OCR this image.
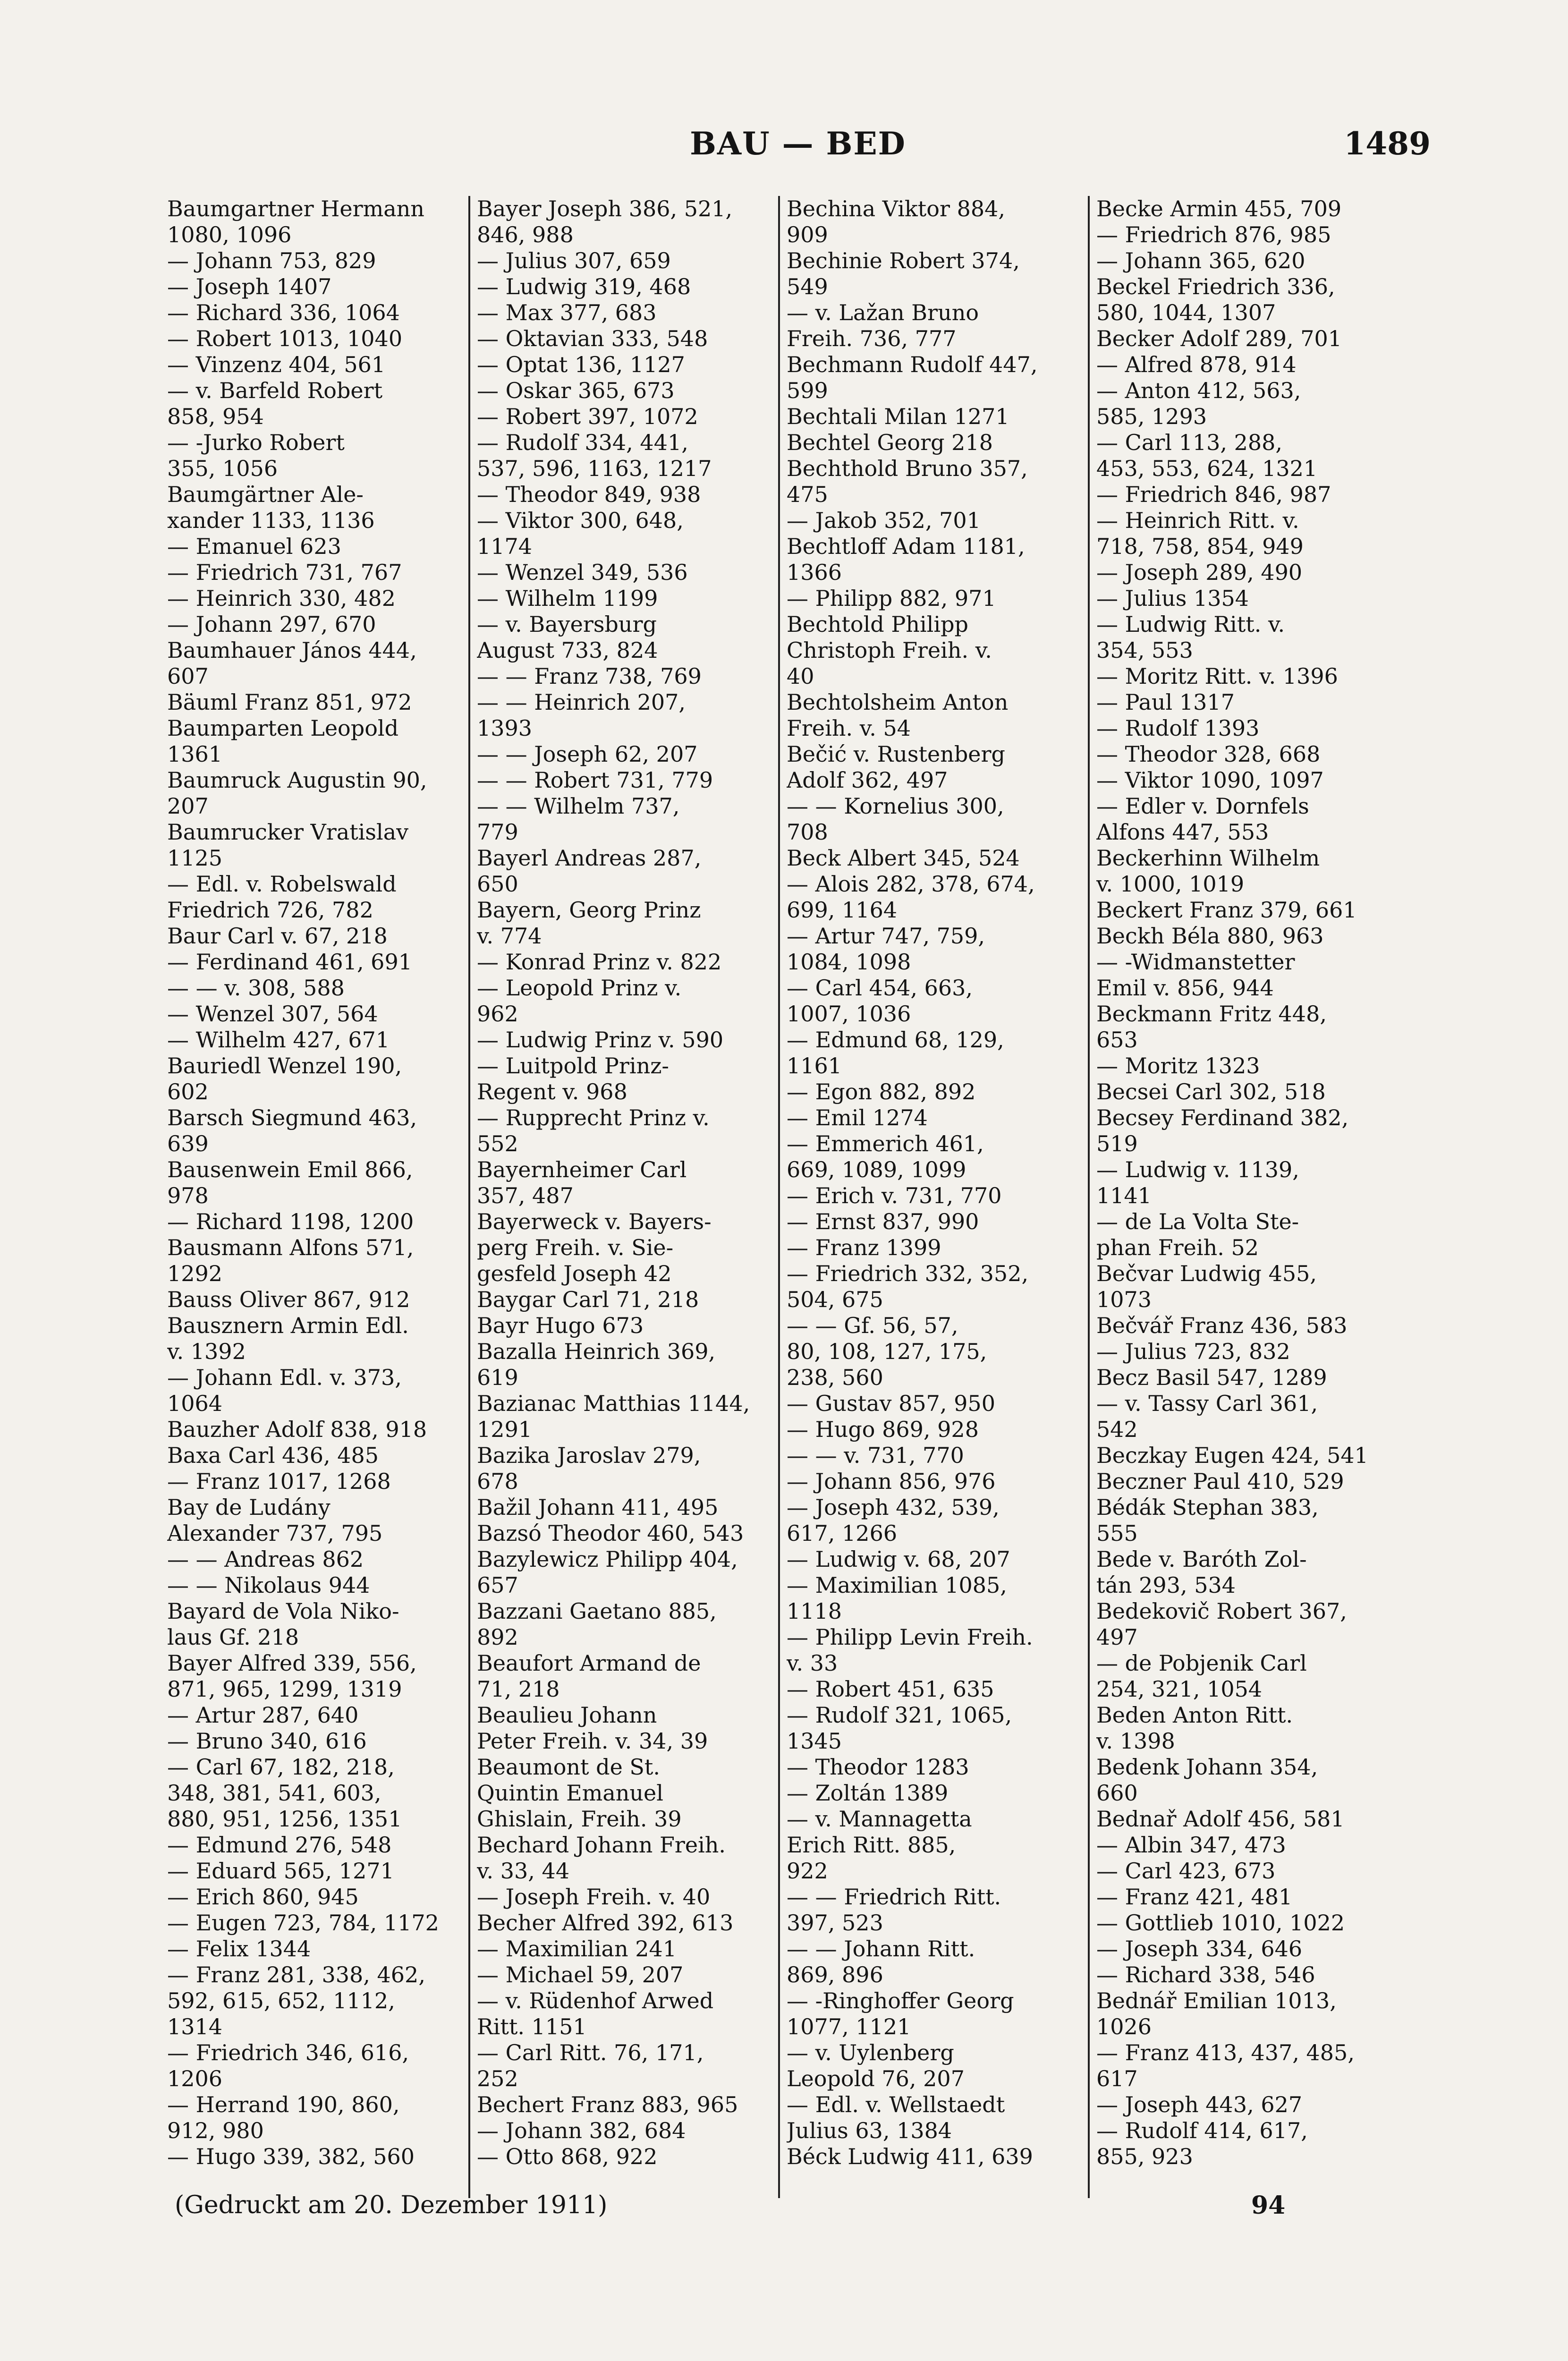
BAU — BED	1489

Baumgartner Hermann

1080, 1096

— Johann 753, 829

— Joseph 1407

— Richard 336, 1064

— Robert 1013, 1040

— Vinzenz 404, 561

— v. Barfeld Robert

858, 954

— -Jurko Robert

355, 1056

Baumgärtner Ale-

xander 1133, 1136

— Emanuel 623

— Friedrich 731, 767

— Heinrich 330, 482

— Johann 297, 670

Baumhauer János 444,

607

Bäuml Franz 851, 972

Baumparten Leopold

1361

Baumruck Augustin 90,

207

Baumrucker Vratislav

1125

— Edl. v. Robelswald

Friedrich 726, 782

Baur Carl v. 67, 218

— Ferdinand 461, 691

— — v. 308, 588

— Wenzel 307, 564

— Wilhelm 427, 671

Bauriedl Wenzel 190,

602

Barsch Siegmund 463,

639

Bausenwein Emil 866,

978

— Richard 1198, 1200

Bausmann Alfons 571,

1292

Bauss Oliver 867, 912

Bausznern Armin Edl.

v. 1392

— Johann Edl. v. 373,

1064

Bauzher Adolf 838, 918

Baxa Carl 436, 485

— Franz 1017, 1268

Bay de Ludány

Alexander 737, 795

— — Andreas 862

— — Nikolaus 944

Bayard de Vola Niko-

laus Gf. 218

Bayer Alfred 339, 556,

871, 965, 1299, 1319

— Artur 287, 640

— Bruno 340, 616

— Carl 67, 182, 218,

348, 381, 541, 603,

880, 951, 1256, 1351

— Edmund 276, 548

— Eduard 565, 1271

— Erich 860, 945

— Eugen 723, 784, 1172

— Felix 1344

— Franz 281, 338, 462,

592, 615, 652, 1112,

1314

— Friedrich 346, 616,

1206

— Herrand 190, 860,

912, 980

— Hugo 339, 382, 560

Bayer Joseph 386, 521,

846, 988

— Julius 307, 659

— Ludwig 319, 468

— Max 377, 683

— Oktavian 333, 548

— Optat 136, 1127

— Oskar 365, 673

— Robert 397, 1072

— Rudolf 334, 441,

537, 596, 1163, 1217

— Theodor 849, 938

— Viktor 300, 648,

1174

— Wenzel 349, 536

— Wilhelm 1199

— v. Bayersburg

August 733, 824

— — Franz 738, 769

— — Heinrich 207,

1393

— — Joseph 62, 207

— — Robert 731, 779

— — Wilhelm 737,

779

Bayerl Andreas 287,

650

Bayern, Georg Prinz

v. 774

— Konrad Prinz v. 822

— Leopold Prinz v.

962

— Ludwig Prinz v. 590

— Luitpold Prinz-

Regent v. 968

— Rupprecht Prinz v.

552

Bayernheimer Carl

357, 487

Bayerweck v. Bayers-

perg Freih. v. Sie-

gesfeld Joseph 42

Baygar Carl 71, 218

Bayr Hugo 673

Bazalla Heinrich 369,

619

Bazianac Matthias 1144,

1291

Bazika Jaroslav 279,

678

Bažil Johann 411, 495

Bazsó Theodor 460, 543

Bazylewicz Philipp 404,

657

Bazzani Gaetano 885,

892

Beaufort Armand de

71, 218

Beaulieu Johann

Peter Freih. v. 34, 39

Beaumont de St.

Quintin Emanuel

Ghislain, Freih. 39

Bechard Johann Freih.

v. 33, 44

— Joseph Freih. v. 40

Becher Alfred 392, 613

— Maximilian 241

— Michael 59, 207

— v. Rüdenhof Arwed

Ritt. 1151

— Carl Ritt. 76, 171,

252

Bechert Franz 883, 965

— Johann 382, 684

— Otto 868, 922

Bechina Viktor 884,

909

Bechinie Robert 374,

549

— v. Lažan Bruno

Freih. 736, 777

Bechmann Rudolf 447,

599

Bechtali Milan 1271

Bechtel Georg 218

Bechthold Bruno 357,

475

— Jakob 352, 701

Bechtloff Adam 1181,

1366

— Philipp 882, 971

Bechtold Philipp

Christoph Freih. v.

40

Bechtolsheim Anton

Freih. v. 54

Bečić v. Rustenberg

Adolf 362, 497

— — Kornelius 300,

708

Beck Albert 345, 524

— Alois 282, 378, 674,

699, 1164

— Artur 747, 759,

1084, 1098

— Carl 454, 663,

1007, 1036

— Edmund 68, 129,

1161

— Egon 882, 892

— Emil 1274

— Emmerich 461,

669, 1089, 1099

— Erich v. 731, 770

— Ernst 837, 990

— Franz 1399

— Friedrich 332, 352,

504, 675

— — Gf. 56, 57,

80, 108, 127, 175,

238, 560

— Gustav 857, 950

— Hugo 869, 928

— — v. 731, 770

— Johann 856, 976

— Joseph 432, 539,

617, 1266

— Ludwig v. 68, 207

— Maximilian 1085,

1118

— Philipp Levin Freih.

v. 33

— Robert 451, 635

— Rudolf 321, 1065,

1345

— Theodor 1283

— Zoltán 1389

— v. Mannagetta

Erich Ritt. 885,

922

— — Friedrich Ritt.

397, 523

— — Johann Ritt.

869, 896

— -Ringhoffer Georg

1077, 1121

— v. Uylenberg

Leopold 76, 207

— Edl. v. Wellstaedt

Julius 63, 1384

Béck Ludwig 411, 639

Becke Armin 455, 709

— Friedrich 876, 985

— Johann 365, 620

Beckel Friedrich 336,

580, 1044, 1307

Becker Adolf 289, 701

— Alfred 878, 914

— Anton 412, 563,

585, 1293

— Carl 113, 288,

453, 553, 624, 1321

— Friedrich 846, 987

— Heinrich Ritt. v.

718, 758, 854, 949

— Joseph 289, 490

— Julius 1354

— Ludwig Ritt. v.

354, 553

— Moritz Ritt. v. 1396

— Paul 1317

— Rudolf 1393

— Theodor 328, 668

— Viktor 1090, 1097

— Edler v. Dornfels

Alfons 447, 553

Beckerhinn Wilhelm

v. 1000, 1019

Beckert Franz 379, 661

Beckh Béla 880, 963

— -Widmanstetter

Emil v. 856, 944

Beckmann Fritz 448,

653

— Moritz 1323

Becsei Carl 302, 518

Becsey Ferdinand 382,

519

— Ludwig v. 1139,

1141

— de La Volta Ste-

phan Freih. 52

Bečvar Ludwig 455,

1073

Bečvář Franz 436, 583

— Julius 723, 832

Becz Basil 547, 1289

— v. Tassy Carl 361,

542

Beczkay Eugen 424, 541

Beczner Paul 410, 529

Bédák Stephan 383,

555

Bede v. Baróth Zol-

tán 293, 534

Bedekovič Robert 367,

497

— de Pobjenik Carl

254, 321, 1054

Beden Anton Ritt.

v. 1398

Bedenk Johann 354,

660

Bednař Adolf 456, 581

— Albin 347, 473

— Carl 423, 673

— Franz 421, 481

— Gottlieb 1010, 1022

— Joseph 334, 646

— Richard 338, 546

Bednář Emilian 1013,

1026

— Franz 413, 437, 485,

617

— Joseph 443, 627

— Rudolf 414, 617,

855, 923

(Gedruckt am 20. Dezember 1911)	94
